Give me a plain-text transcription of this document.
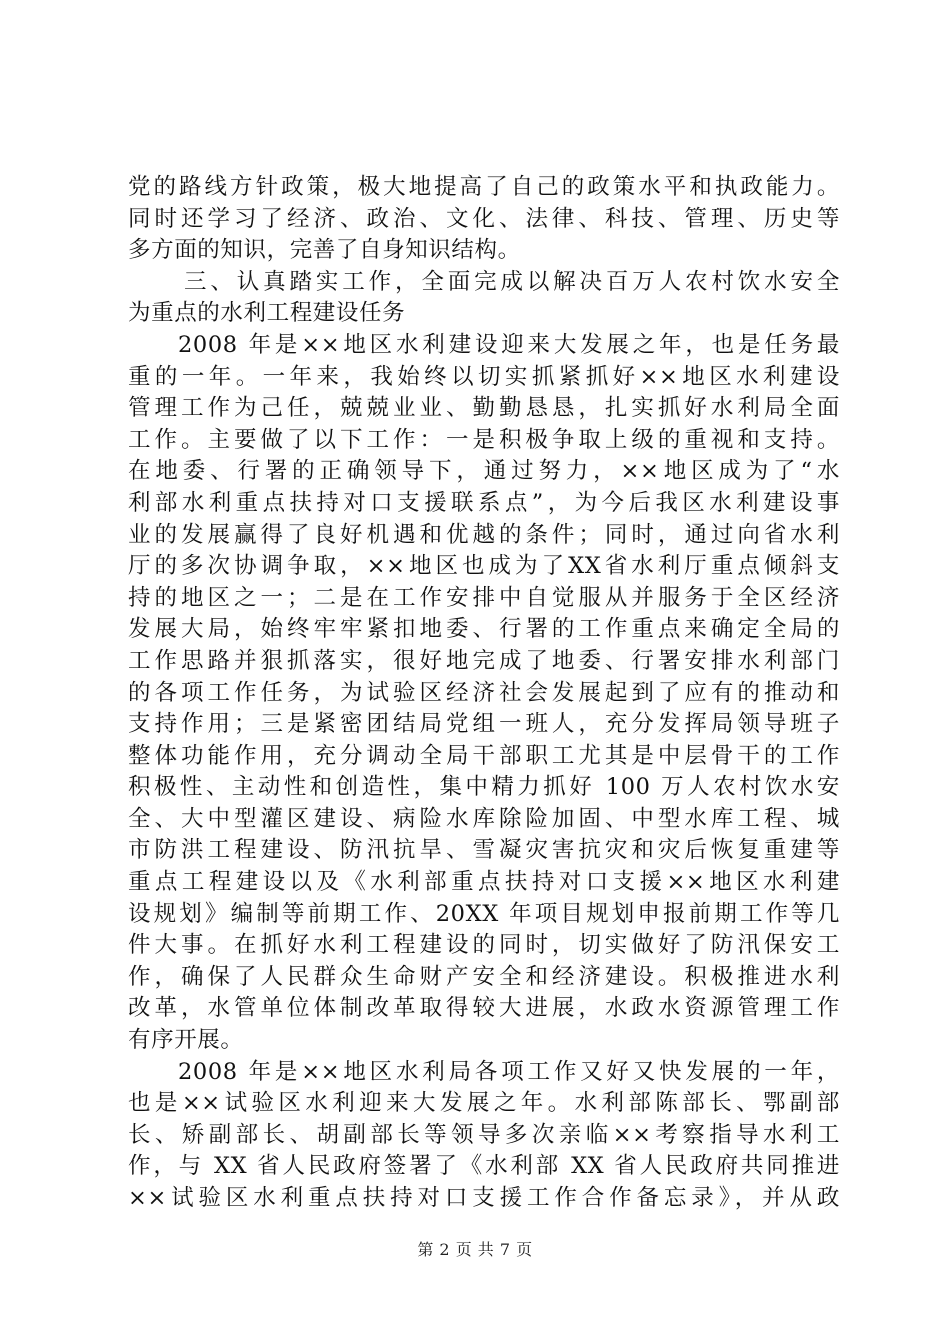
党的路线方针政策，极大地提高了自己的政策水平和执政能力。
同时还学习了经济、政治、文化、法律、科技、管理、历史等
多方面的知识，完善了自身知识结构。
三、认真踏实工作，全面完成以解决百万人农村饮水安全
为重点的水利工程建设任务
2008 年是××地区水利建设迎来大发展之年，也是任务最
重的一年。一年来，我始终以切实抓紧抓好××地区水利建设
管理工作为己任，兢兢业业、勤勤恳恳，扎实抓好水利局全面
工作。主要做了以下工作：一是积极争取上级的重视和支持。
在地委、行署的正确领导下，通过努力，××地区成为了“水
利部水利重点扶持对口支援联系点”，为今后我区水利建设事
业的发展赢得了良好机遇和优越的条件；同时，通过向省水利
厅的多次协调争取，××地区也成为了XX省水利厅重点倾斜支
持的地区之一；二是在工作安排中自觉服从并服务于全区经济
发展大局，始终牢牢紧扣地委、行署的工作重点来确定全局的
工作思路并狠抓落实，很好地完成了地委、行署安排水利部门
的各项工作任务，为试验区经济社会发展起到了应有的推动和
支持作用；三是紧密团结局党组一班人，充分发挥局领导班子
整体功能作用，充分调动全局干部职工尤其是中层骨干的工作
积极性、主动性和创造性，集中精力抓好 100 万人农村饮水安
全、大中型灌区建设、病险水库除险加固、中型水库工程、城
市防洪工程建设、防汛抗旱、雪凝灾害抗灾和灾后恢复重建等
重点工程建设以及《水利部重点扶持对口支援××地区水利建
设规划》编制等前期工作、20XX 年项目规划申报前期工作等几
件大事。在抓好水利工程建设的同时，切实做好了防汛保安工
作，确保了人民群众生命财产安全和经济建设。积极推进水利
改革，水管单位体制改革取得较大进展，水政水资源管理工作
有序开展。
2008 年是××地区水利局各项工作又好又快发展的一年，
也是××试验区水利迎来大发展之年。水利部陈部长、鄂副部
长、矫副部长、胡副部长等领导多次亲临××考察指导水利工
作，与 XX 省人民政府签署了《水利部 XX 省人民政府共同推进
××试验区水利重点扶持对口支援工作合作备忘录》，并从政
第 2 页 共 7 页
